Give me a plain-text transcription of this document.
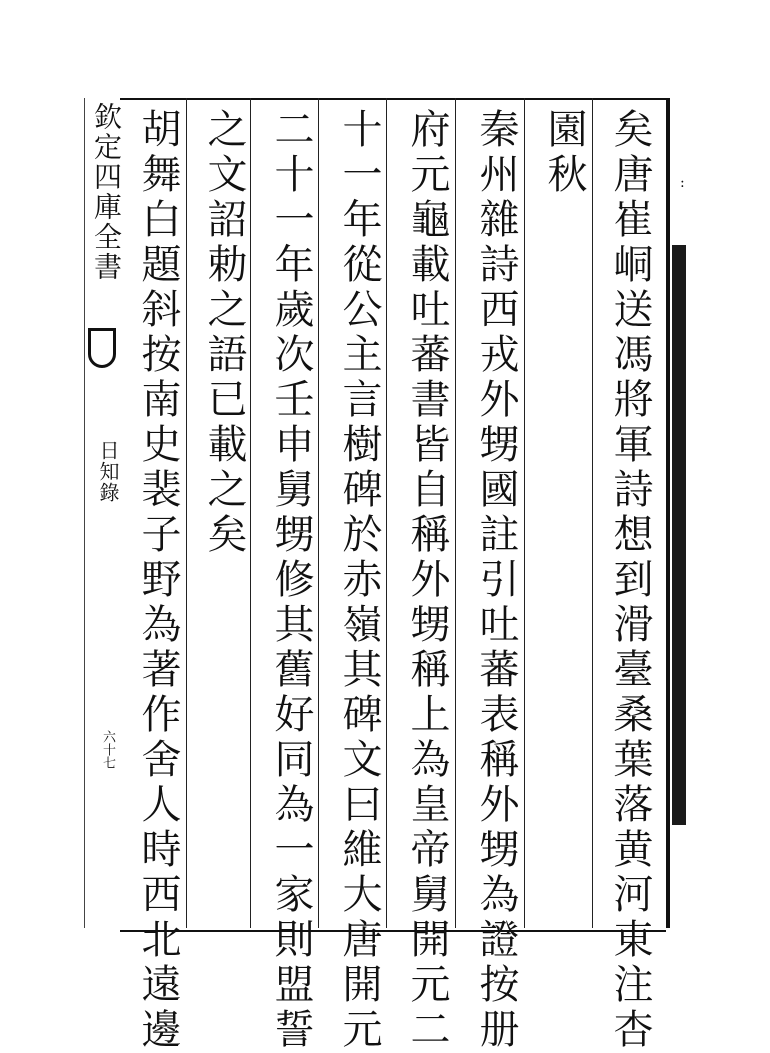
欽定四庫全書
日知錄
六十七
:
矣唐崔峒送馮將軍詩想到滑臺桑葉落黄河東注杏
園秋
秦州雜詩西戎外甥國註引吐蕃表稱外甥為證按册
府元龜載吐蕃書皆自稱外甥稱上為皇帝舅開元二
十一年從公主言樹碑於赤嶺其碑文曰維大唐開元
二十一年歲次壬申舅甥修其舊好同為一家則盟誓
之文詔勅之語已載之矣
胡舞白題斜按南史裴子野為著作舍人時西北遠邊
